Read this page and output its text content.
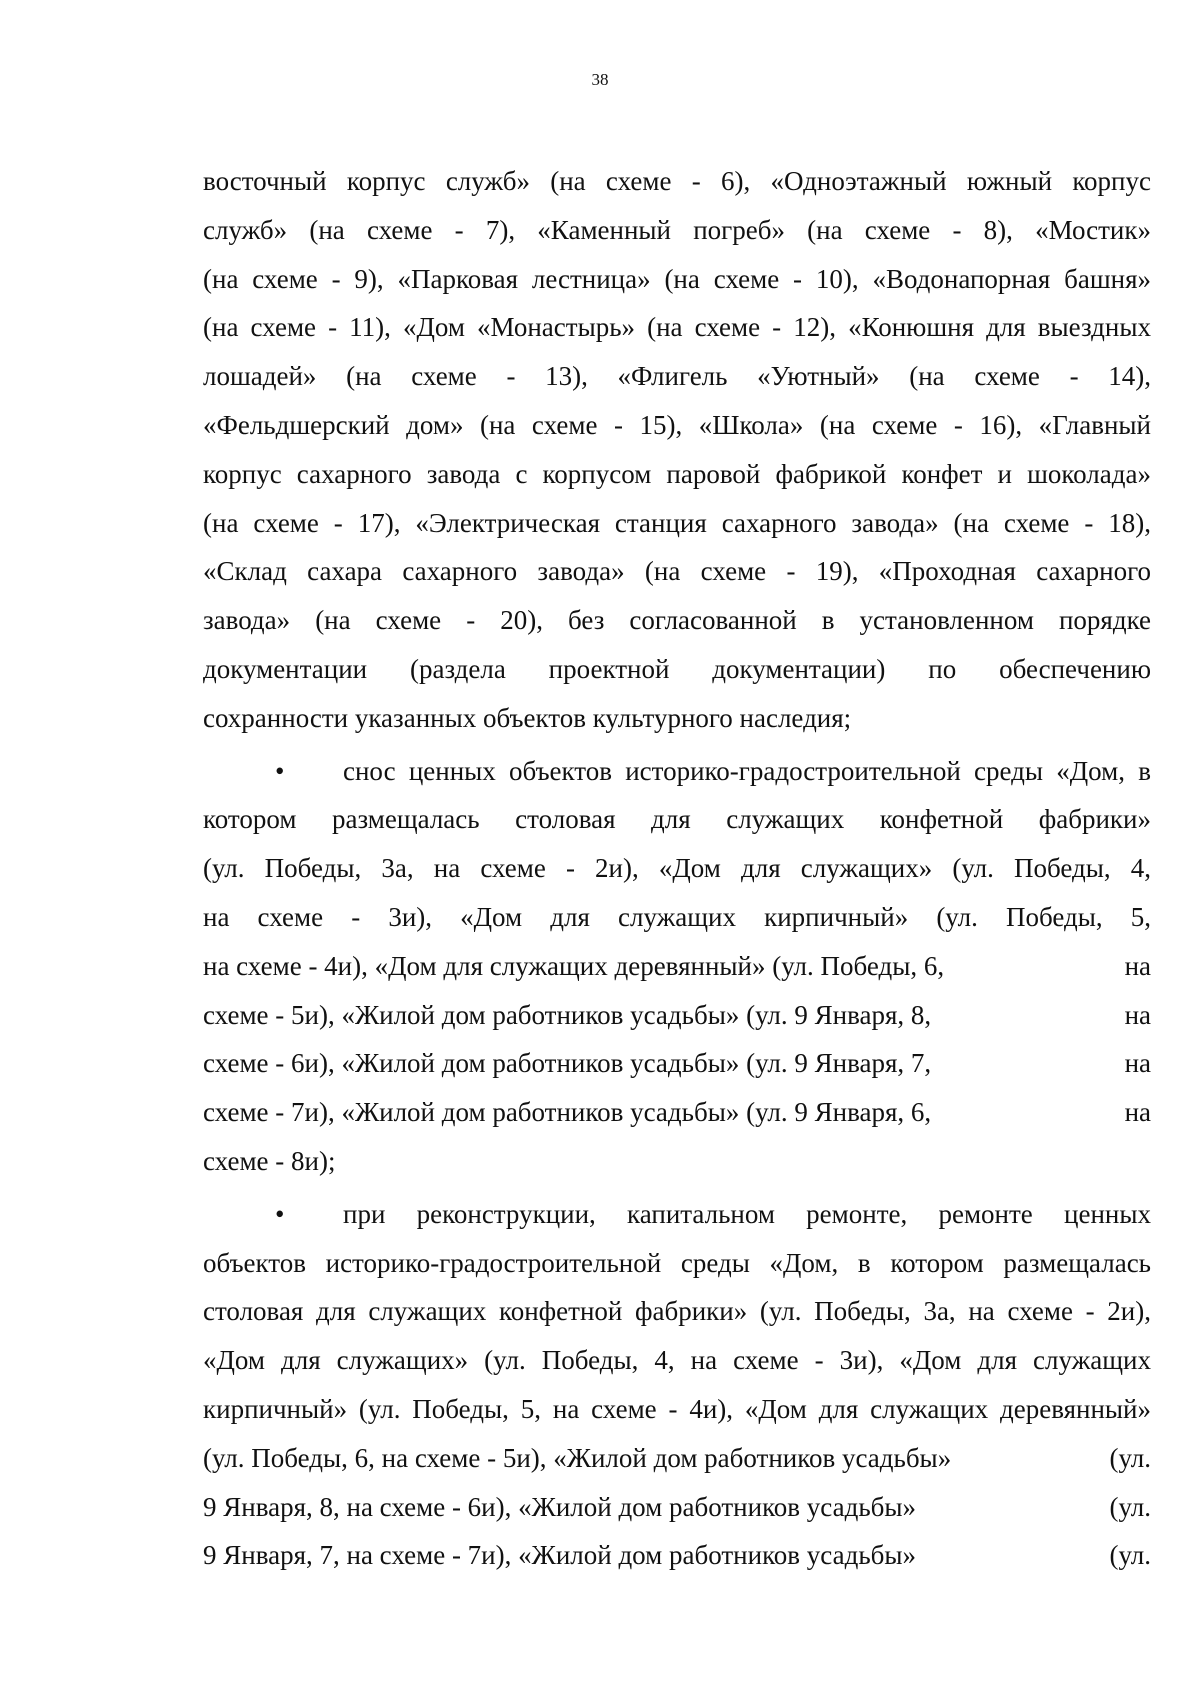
38
восточный корпус служб» (на схеме - 6), «Одноэтажный южный корпус
служб» (на схеме - 7), «Каменный погреб» (на схеме - 8), «Мостик»
(на схеме - 9), «Парковая лестница» (на схеме - 10), «Водонапорная башня»
(на схеме - 11), «Дом «Монастырь» (на схеме - 12), «Конюшня для выездных
лошадей» (на схеме - 13), «Флигель «Уютный» (на схеме - 14),
«Фельдшерский дом» (на схеме - 15), «Школа» (на схеме - 16), «Главный
корпус сахарного завода с корпусом паровой фабрикой конфет и шоколада»
(на схеме - 17), «Электрическая станция сахарного завода» (на схеме - 18),
«Склад сахара сахарного завода» (на схеме - 19), «Проходная сахарного
завода» (на схеме - 20), без согласованной в установленном порядке
документации (раздела проектной документации) по обеспечению
сохранности указанных объектов культурного наследия;
•	снос ценных объектов историко-градостроительной среды «Дом, в
котором размещалась столовая для служащих конфетной фабрики»
(ул. Победы, 3а, на схеме - 2и), «Дом для служащих» (ул. Победы, 4,
на схеме - 3и), «Дом для служащих кирпичный» (ул. Победы, 5,
на схеме - 4и), «Дом для служащих деревянный» (ул. Победы, 6,	на
схеме - 5и), «Жилой дом работников усадьбы» (ул. 9 Января, 8,	на
схеме - 6и), «Жилой дом работников усадьбы» (ул. 9 Января, 7,	на
схеме - 7и), «Жилой дом работников усадьбы» (ул. 9 Января, 6,	на
схеме - 8и);
•	при реконструкции, капитальном ремонте, ремонте ценных
объектов историко-градостроительной среды «Дом, в котором размещалась
столовая для служащих конфетной фабрики» (ул. Победы, 3а, на схеме - 2и),
«Дом для служащих» (ул. Победы, 4, на схеме - 3и), «Дом для служащих
кирпичный» (ул. Победы, 5, на схеме - 4и), «Дом для служащих деревянный»
(ул. Победы, 6, на схеме - 5и), «Жилой дом работников усадьбы»	(ул.
9 Января, 8, на схеме - 6и), «Жилой дом работников усадьбы»	(ул.
9 Января, 7, на схеме - 7и), «Жилой дом работников усадьбы»	(ул.
